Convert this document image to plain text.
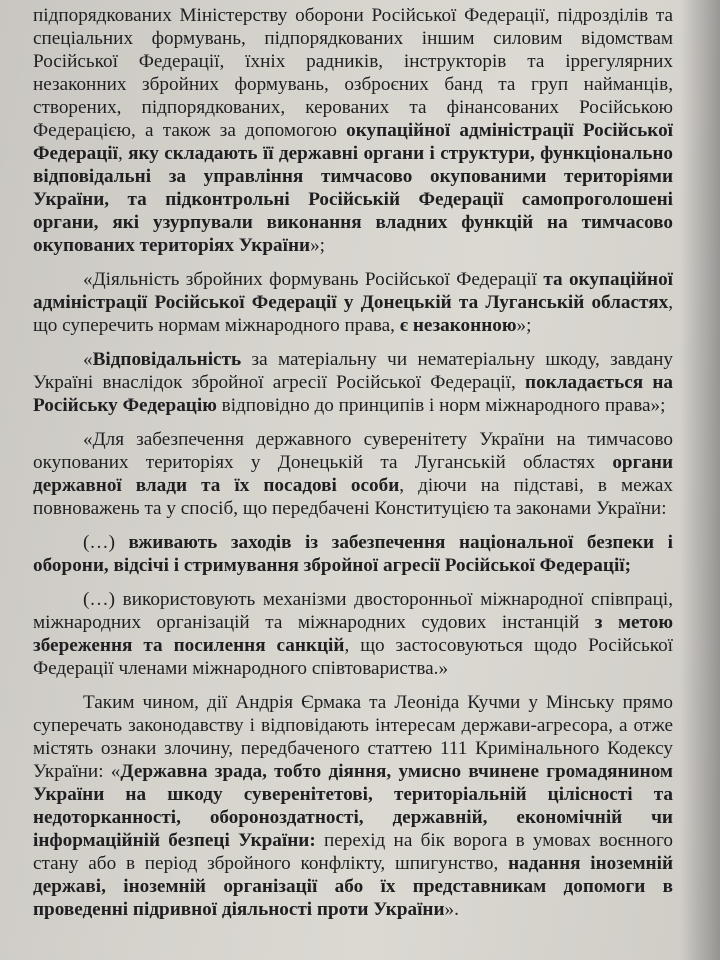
підпорядкованих Міністерству оборони Російської Федерації, підрозділів та спеціальних формувань, підпорядкованих іншим силовим відомствам Російської Федерації, їхніх радників, інструкторів та іррегулярних незаконних збройних формувань, озброєних банд та груп найманців, створених, підпорядкованих, керованих та фінансованих Російською Федерацією, а також за допомогою окупаційної адміністрації Російської Федерації, яку складають її державні органи і структури, функціонально відповідальні за управління тимчасово окупованими територіями України, та підконтрольні Російській Федерації самопроголошені органи, які узурпували виконання владних функцій на тимчасово окупованих територіях України»;

«Діяльність збройних формувань Російської Федерації та окупаційної адміністрації Російської Федерації у Донецькій та Луганській областях, що суперечить нормам міжнародного права, є незаконною»;

«Відповідальність за матеріальну чи нематеріальну шкоду, завдану Україні внаслідок збройної агресії Російської Федерації, покладається на Російську Федерацію відповідно до принципів і норм міжнародного права»;

«Для забезпечення державного суверенітету України на тимчасово окупованих територіях у Донецькій та Луганській областях органи державної влади та їх посадові особи, діючи на підставі, в межах повноважень та у спосіб, що передбачені Конституцією та законами України:

(…) вживають заходів із забезпечення національної безпеки і оборони, відсічі і стримування збройної агресії Російської Федерації;

(…) використовують механізми двосторонньої міжнародної співпраці, міжнародних організацій та міжнародних судових інстанцій з метою збереження та посилення санкцій, що застосовуються щодо Російської Федерації членами міжнародного співтовариства.»

Таким чином, дії Андрія Єрмака та Леоніда Кучми у Мінську прямо суперечать законодавству і відповідають інтересам держави-агресора, а отже містять ознаки злочину, передбаченого статтею 111 Кримінального Кодексу України: «Державна зрада, тобто діяння, умисно вчинене громадянином України на шкоду суверенітетові, територіальній цілісності та недоторканності, обороноздатності, державній, економічній чи інформаційній безпеці України: перехід на бік ворога в умовах воєнного стану або в період збройного конфлікту, шпигунство, надання іноземній державі, іноземній організації або їх представникам допомоги в проведенні підривної діяльності проти України».
